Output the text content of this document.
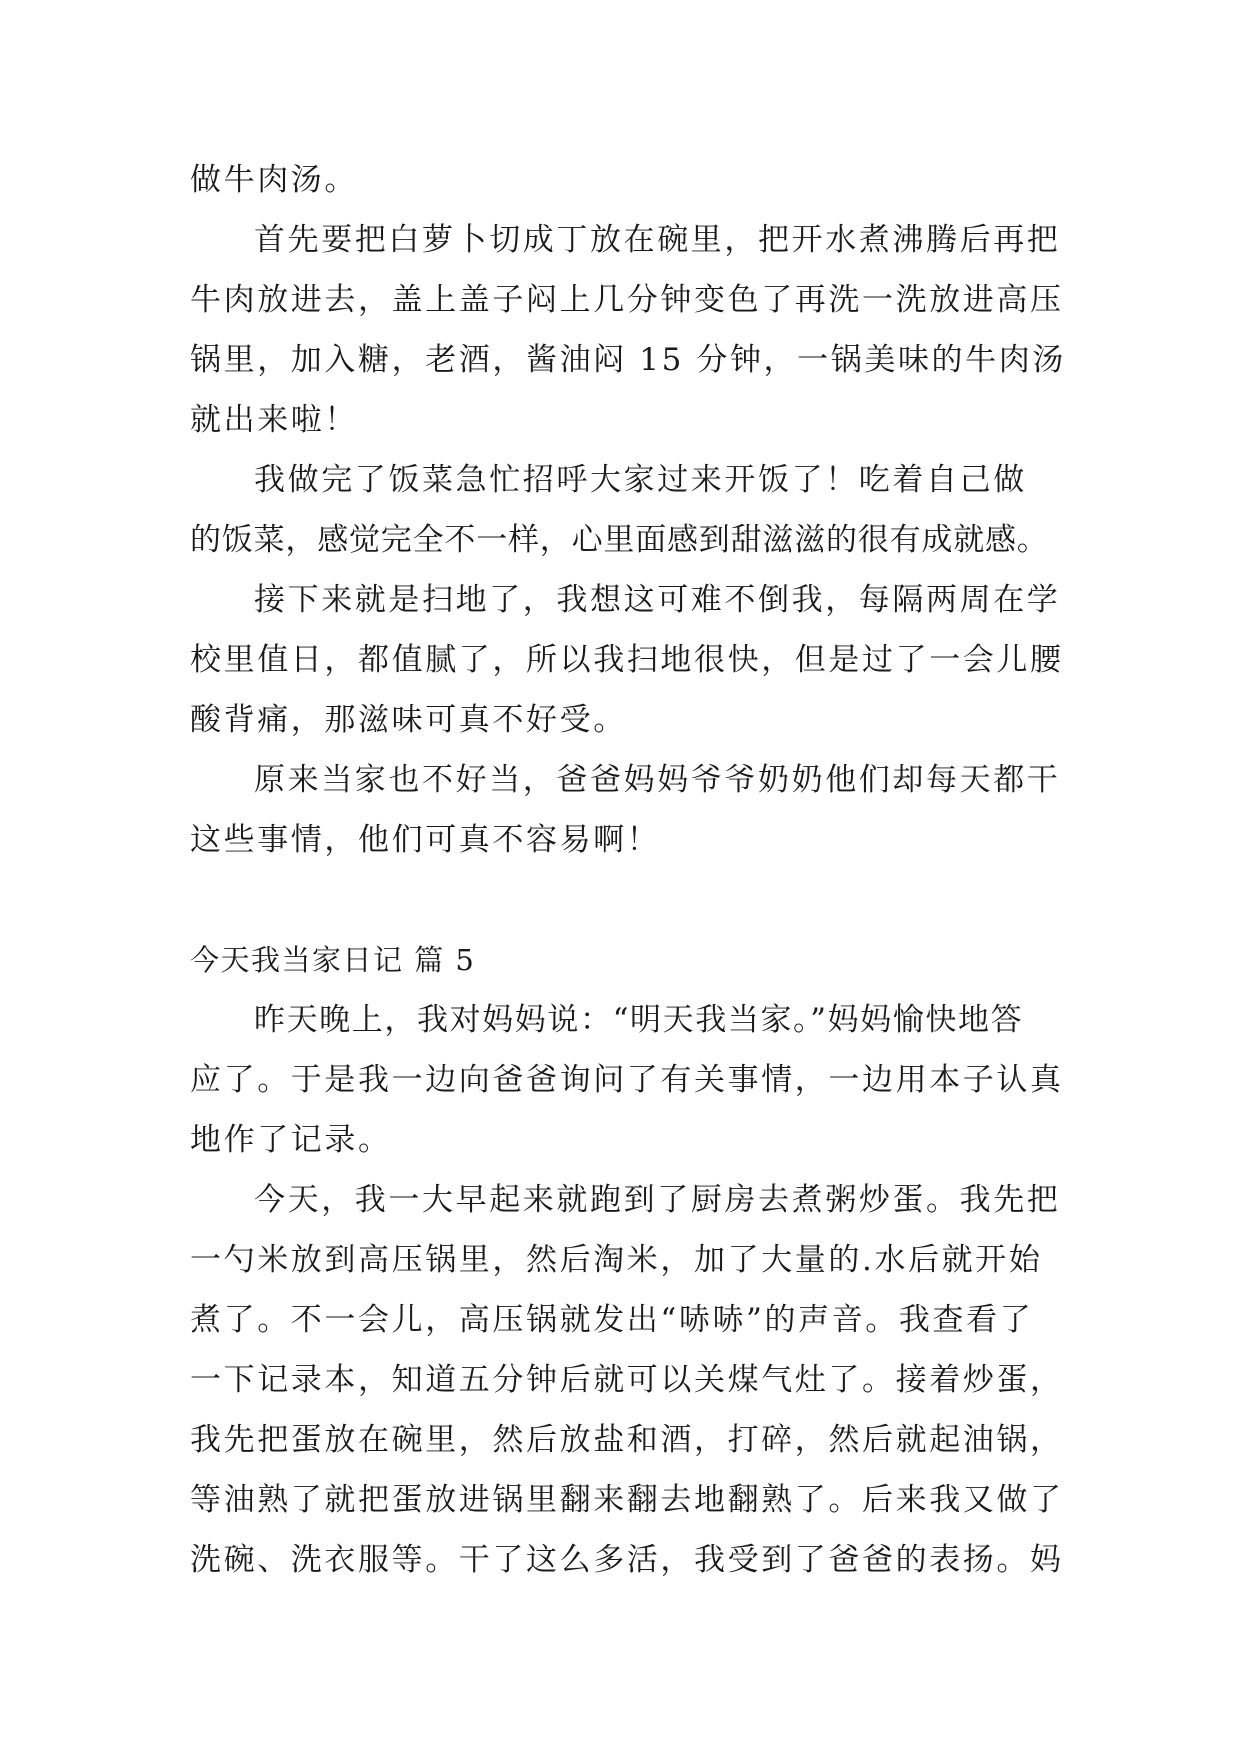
做牛肉汤。
首先要把白萝卜切成丁放在碗里，把开水煮沸腾后再把
牛肉放进去，盖上盖子闷上几分钟变色了再洗一洗放进高压
锅里，加入糖，老酒，酱油闷 15 分钟，一锅美味的牛肉汤
就出来啦！
我做完了饭菜急忙招呼大家过来开饭了！吃着自己做
的饭菜，感觉完全不一样，心里面感到甜滋滋的很有成就感。
接下来就是扫地了，我想这可难不倒我，每隔两周在学
校里值日，都值腻了，所以我扫地很快，但是过了一会儿腰
酸背痛，那滋味可真不好受。
原来当家也不好当，爸爸妈妈爷爷奶奶他们却每天都干
这些事情，他们可真不容易啊！
今天我当家日记 篇 5
昨天晚上，我对妈妈说：“明天我当家。”妈妈愉快地答
应了。于是我一边向爸爸询问了有关事情，一边用本子认真
地作了记录。
今天，我一大早起来就跑到了厨房去煮粥炒蛋。我先把
一勺米放到高压锅里，然后淘米，加了大量的.水后就开始
煮了。不一会儿，高压锅就发出“哧哧”的声音。我查看了
一下记录本，知道五分钟后就可以关煤气灶了。接着炒蛋，
我先把蛋放在碗里，然后放盐和酒，打碎，然后就起油锅，
等油熟了就把蛋放进锅里翻来翻去地翻熟了。后来我又做了
洗碗、洗衣服等。干了这么多活，我受到了爸爸的表扬。妈
